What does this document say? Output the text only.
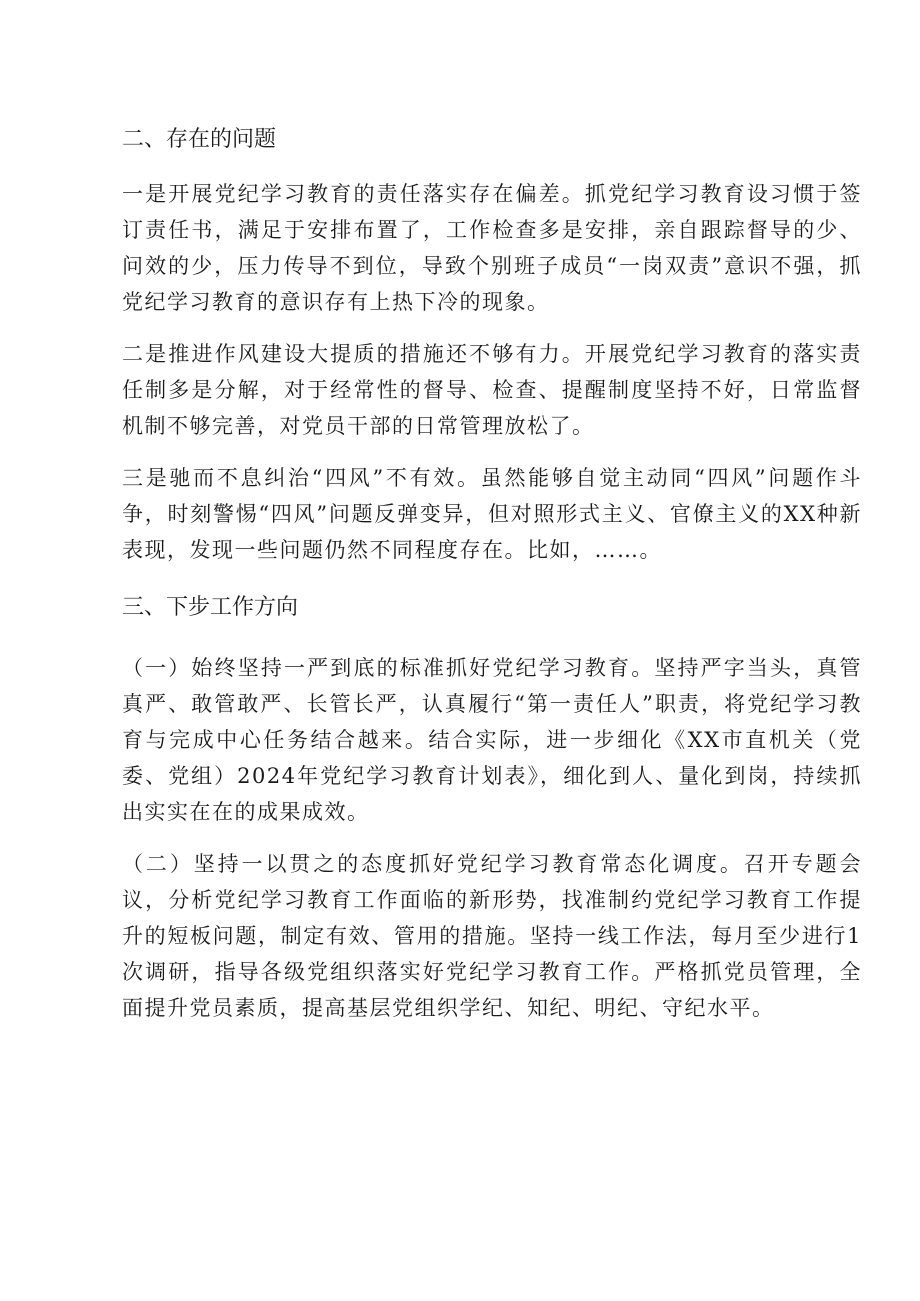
二、存在的问题

一是开展党纪学习教育的责任落实存在偏差。抓党纪学习教育设习惯于签订责任书，满足于安排布置了，工作检查多是安排，亲自跟踪督导的少、问效的少，压力传导不到位，导致个别班子成员“一岗双责”意识不强，抓党纪学习教育的意识存有上热下冷的现象。

二是推进作风建设大提质的措施还不够有力。开展党纪学习教育的落实责任制多是分解，对于经常性的督导、检查、提醒制度坚持不好，日常监督机制不够完善，对党员干部的日常管理放松了。

三是驰而不息纠治“四风”不有效。虽然能够自觉主动同“四风”问题作斗争，时刻警惕“四风”问题反弹变异，但对照形式主义、官僚主义的XX种新表现，发现一些问题仍然不同程度存在。比如，……。

三、下步工作方向

（一）始终坚持一严到底的标准抓好党纪学习教育。坚持严字当头，真管真严、敢管敢严、长管长严，认真履行“第一责任人”职责，将党纪学习教育与完成中心任务结合越来。结合实际，进一步细化《XX市直机关（党委、党组）2024年党纪学习教育计划表》，细化到人、量化到岗，持续抓出实实在在的成果成效。

（二）坚持一以贯之的态度抓好党纪学习教育常态化调度。召开专题会议，分析党纪学习教育工作面临的新形势，找准制约党纪学习教育工作提升的短板问题，制定有效、管用的措施。坚持一线工作法，每月至少进行1次调研，指导各级党组织落实好党纪学习教育工作。严格抓党员管理，全面提升党员素质，提高基层党组织学纪、知纪、明纪、守纪水平。
